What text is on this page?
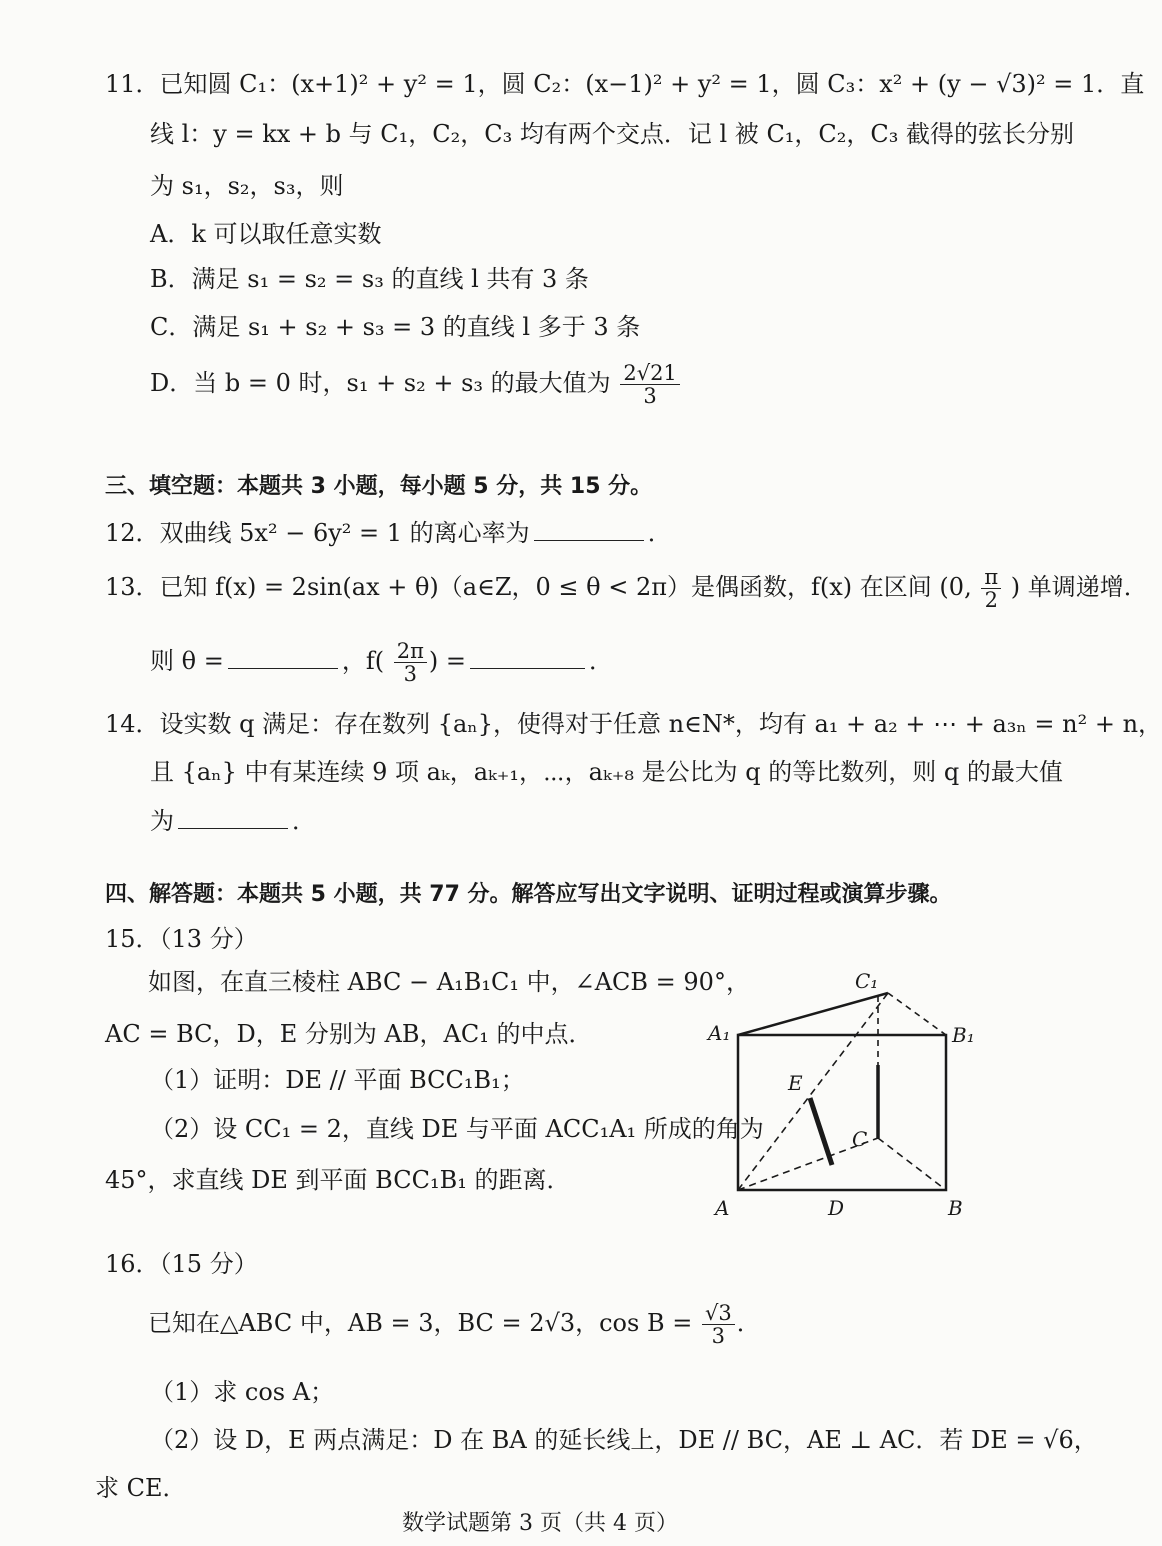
11．已知圆 C₁：(x+1)² + y² = 1，圆 C₂：(x−1)² + y² = 1，圆 C₃：x² + (y − √3)² = 1．直
线 l：y = kx + b 与 C₁，C₂，C₃ 均有两个交点．记 l 被 C₁，C₂，C₃ 截得的弦长分别
为 s₁，s₂，s₃，则
A．k 可以取任意实数
B．满足 s₁ = s₂ = s₃ 的直线 l 共有 3 条
C．满足 s₁ + s₂ + s₃ = 3 的直线 l 多于 3 条
D．当 b = 0 时，s₁ + s₂ + s₃ 的最大值为 $\frac{2√21}{3}$
三、填空题：本题共 3 小题，每小题 5 分，共 15 分。
12．双曲线 5x² − 6y² = 1 的离心率为	．
13．已知 f(x) = 2sin(ax + θ)（a∈Z，0 ≤ θ < 2π）是偶函数，f(x) 在区间 (0, $\frac{\pi}{2}$ ) 单调递增．
则 θ =	，$f( \frac{2\pi}{3}$ ) =	．
14．设实数 q 满足：存在数列 {aₙ}，使得对于任意 n∈N*，均有 a₁ + a₂ + ⋯ + a₃ₙ = n² + n，
且 {aₙ} 中有某连续 9 项 aₖ，aₖ₊₁，⋯，aₖ₊₈ 是公比为 q 的等比数列，则 q 的最大值
为	．
四、解答题：本题共 5 小题，共 77 分。解答应写出文字说明、证明过程或演算步骤。
15．（13 分）
如图，在直三棱柱 ABC − A₁B₁C₁ 中，∠ACB = 90°，
AC = BC，D，E 分别为 AB，AC₁ 的中点．
（1）证明：DE // 平面 BCC₁B₁；
（2）设 CC₁ = 2，直线 DE 与平面 ACC₁A₁ 所成的角为
45°，求直线 DE 到平面 BCC₁B₁ 的距离．
C₁
A₁	B₁
E
C
A	D	B
16．（15 分）
已知在△ABC 中，AB = 3，BC = 2√3，$\cos B = \frac{√3}{3}$ ．
（1）求 cos A；
（2）设 D，E 两点满足：D 在 BA 的延长线上，DE // BC，AE ⊥ AC．若 DE = √6，
求 CE．
数学试题第 3 页（共 4 页）
